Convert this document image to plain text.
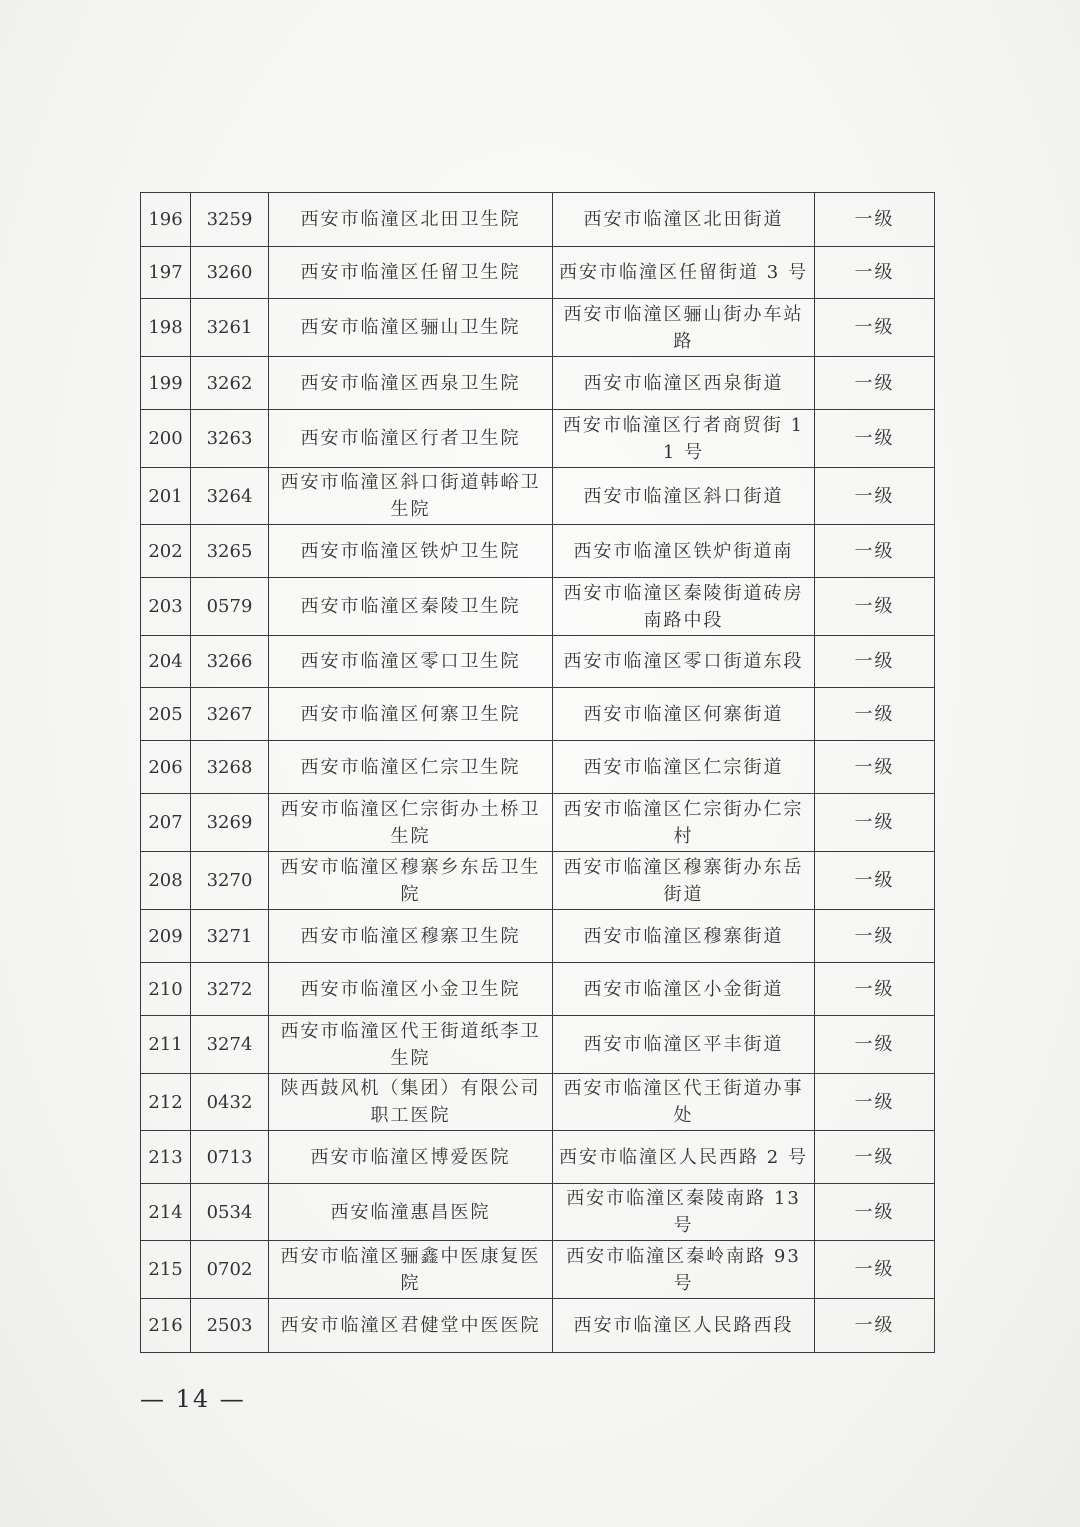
196	3259	西安市临潼区北田卫生院	西安市临潼区北田街道	一级
197	3260	西安市临潼区任留卫生院	西安市临潼区任留街道 3 号	一级
198	3261	西安市临潼区骊山卫生院	西安市临潼区骊山街办车站路	一级
199	3262	西安市临潼区西泉卫生院	西安市临潼区西泉街道	一级
200	3263	西安市临潼区行者卫生院	西安市临潼区行者商贸街 11 号	一级
201	3264	西安市临潼区斜口街道韩峪卫生院	西安市临潼区斜口街道	一级
202	3265	西安市临潼区铁炉卫生院	西安市临潼区铁炉街道南	一级
203	0579	西安市临潼区秦陵卫生院	西安市临潼区秦陵街道砖房南路中段	一级
204	3266	西安市临潼区零口卫生院	西安市临潼区零口街道东段	一级
205	3267	西安市临潼区何寨卫生院	西安市临潼区何寨街道	一级
206	3268	西安市临潼区仁宗卫生院	西安市临潼区仁宗街道	一级
207	3269	西安市临潼区仁宗街办土桥卫生院	西安市临潼区仁宗街办仁宗村	一级
208	3270	西安市临潼区穆寨乡东岳卫生院	西安市临潼区穆寨街办东岳街道	一级
209	3271	西安市临潼区穆寨卫生院	西安市临潼区穆寨街道	一级
210	3272	西安市临潼区小金卫生院	西安市临潼区小金街道	一级
211	3274	西安市临潼区代王街道纸李卫生院	西安市临潼区平丰街道	一级
212	0432	陕西鼓风机（集团）有限公司职工医院	西安市临潼区代王街道办事处	一级
213	0713	西安市临潼区博爱医院	西安市临潼区人民西路 2 号	一级
214	0534	西安临潼惠昌医院	西安市临潼区秦陵南路 13 号	一级
215	0702	西安市临潼区骊鑫中医康复医院	西安市临潼区秦岭南路 93 号	一级
216	2503	西安市临潼区君健堂中医医院	西安市临潼区人民路西段	一级
— 14 —
